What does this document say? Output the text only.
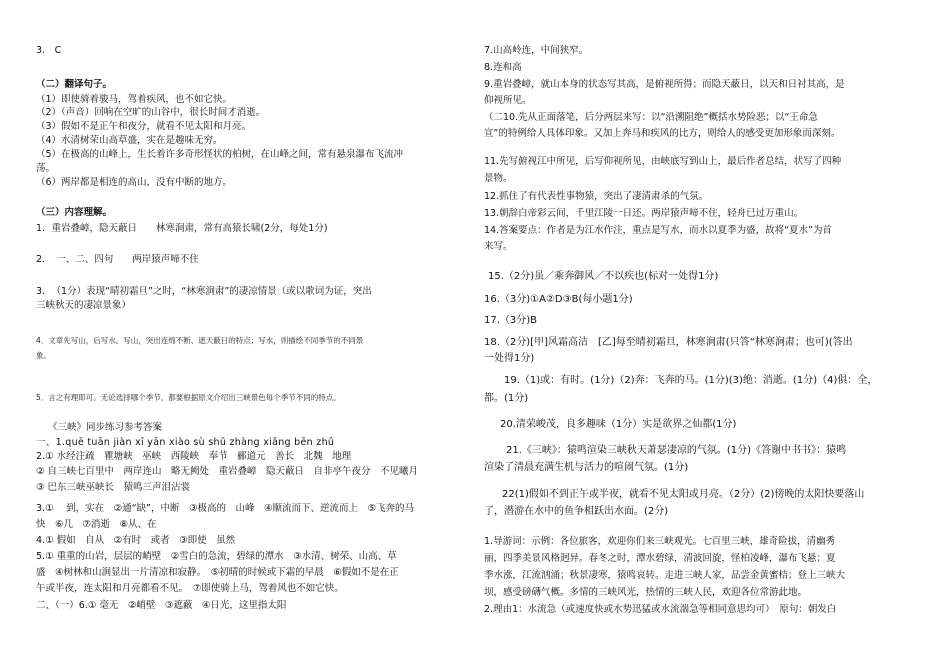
3.　C
（二）翻译句子。
（1）即使骑着骏马，驾着疾风，也不如它快。
（2）（声音）回响在空旷的山谷中，很长时间才消逝。
（3）假如不是正午和夜分，就看不见太阳和月亮。
（4）水清树荣山高草盛，实在是趣味无穷。
（5）在极高的山峰上，生长着许多奇形怪状的柏树，在山峰之间，常有悬泉瀑布飞流冲
荡。
（6）两岸都是相连的高山，没有中断的地方。
（三）内容理解。
1．重岩叠嶂，隐天蔽日　　林寒涧肃，常有高猿长啸(2分，每处1分)
2．　一、二、四句　　两岸猿声啼不住
3．　（1分）表现“晴初霜旦”之时，“林寒涧肃”的凄凉情景（或以歌词为证，突出
三峡秋天的凄凉景象）
4．文章先写山，后写水。写山，突出连绵不断、遮天蔽日的特点；写水，则描绘不同季节的不同景
象。
5．言之有理即可。无论选择哪个季节，都要根据原文介绍出三峡景色每个季节不同的特点。
《三峡》同步练习参考答案
一、1.quē tuān jiàn xī yān xiào sù shū zhàng xiǎng bēn zhǔ
2.① 水经注疏　瞿塘峡　巫峡　西陵峡　奉节　郦道元　善长　北魏　地理
② 自三峡七百里中　两岸连山　略无阙处　重岩叠嶂　隐天蔽日　自非亭午夜分　不见曦月
③ 巴东三峡巫峡长　猿鸣三声泪沾裳
3.① 　到，实在　②通“缺”，中断　③极高的　山峰　④顺流而下、逆流而上　⑤飞奔的马
快　⑥几　⑦消逝　⑧从、在
4.① 假如　自从　②有时　或者　③即使　虽然
5.① 重重的山岩，层层的峭壁　②雪白的急流，碧绿的潭水　③水清、树荣、山高、草
盛　④树林和山涧显出一片清凉和寂静。　⑤初晴的时候或下霜的早晨　⑥假如不是在正
午或半夜，连太阳和月亮都看不见。　⑦即使骑上马，驾着风也不如它快。
二、（一）6.① 毫无　②峭壁　③遮蔽　④日光，这里指太阳
7.山高岭连，中间狭窄。
8.连和高
9.重岩叠嶂，就山本身的状态写其高，是俯视所得；而隐天蔽日，以天和日衬其高，是
仰视所见。
（二10.先从正面落笔，后分两层来写：以“沿溯阻绝”概括水势险恶；以“王命急
宣”的特例给人具体印象。又加上奔马和疾风的比方，则给人的感受更加形象而深刻。
11.先写俯视江中所见，后写仰视所见，由峡底写到山上，最后作者总结，状写了四种
景物。
12.抓住了有代表性事物猿，突出了凄清肃杀的气氛。
13.朝辞白帝彩云间，千里江陵一日还。两岸猿声啼不住，轻舟已过万重山。
14.答案要点：作者是为江水作注，重点是写水，而水以夏季为盛，故将“夏水”为首
来写。
15.（2分)虽／乘奔御风／不以疾也(标对一处得1分)
16.（3分)①A②D③B(每小题1分)
17.（3分)B
18.（2分)[甲]风霜高洁　[乙]每至晴初霜旦，林寒涧肃(只答“林寒涧肃；也可)(答出
一处得1分)
19.（1)或：有时。(1分)（2)奔：飞奔的马。(1分)(3)绝：消逝。(1分)（4)俱：全，
都。(1分)
20.清荣峻茂，良多趣味（1分）实是欲界之仙都(1分)
21.《三峡》：猿鸣渲染三峡秋天萧瑟凄凉的气氛。(1分)《答谢中书书》：猿鸣
渲染了清晨充满生机与活力的喧闹气氛。(1分)
22(1)假如不到正午或半夜，就看不见太阳或月亮。（2分）(2)傍晚的太阳快要落山
了，潜游在水中的鱼争相跃出水面。(2分)
1.导游词：示例：各位旅客，欢迎你们来三峡观光。七百里三峡，雄奇险拔，清幽秀
丽，四季美景风格迥异。春冬之时，潭水碧绿，清波回旋，怪柏凌峰，瀑布飞悬；夏
季水涨，江流汹涌；秋景凄寒，猿鸣哀转。走进三峡人家，品尝金黄蜜桔；登上三峡大
坝，感受磅礴气概。多情的三峡风光，热情的三峡人民，欢迎各位常游此地。
2.理由1：水流急（或速度快或水势迅猛或水流湍急等相同意思均可）　原句：朝发白
